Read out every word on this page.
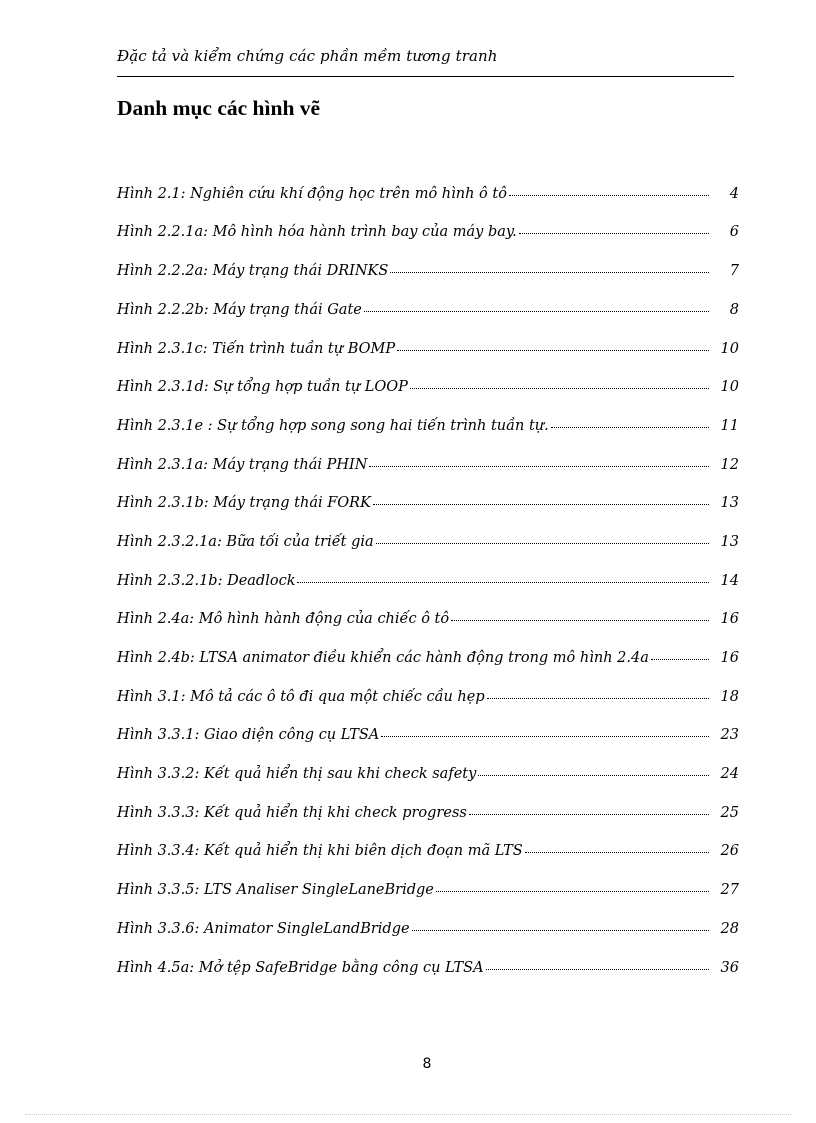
Đặc tả và kiểm chứng các phần mềm tương tranh
Danh mục các hình vẽ
Hình 2.1: Nghiên cứu khí động học trên mô hình ô tô	4
Hình 2.2.1a: Mô hình hóa hành trình bay của máy bay.	6
Hình 2.2.2a: Máy trạng thái DRINKS	7
Hình 2.2.2b: Máy trạng thái Gate	8
Hình 2.3.1c: Tiến trình tuần tự BOMP	10
Hình 2.3.1d: Sự tổng hợp tuần tự LOOP	10
Hình 2.3.1e : Sự tổng hợp song song hai tiến trình tuần tự.	11
Hình 2.3.1a: Máy trạng thái PHIN	12
Hình 2.3.1b: Máy trạng thái FORK	13
Hình 2.3.2.1a: Bữa tối của triết gia	13
Hình 2.3.2.1b: Deadlock	14
Hình 2.4a: Mô hình hành động của chiếc ô tô	16
Hình 2.4b: LTSA animator điều khiển các hành động trong mô hình 2.4a	16
Hình 3.1: Mô tả các ô tô đi qua một chiếc cầu hẹp	18
Hình 3.3.1: Giao diện công cụ LTSA	23
Hình 3.3.2: Kết quả hiển thị sau khi check safety	24
Hình 3.3.3: Kết quả hiển thị khi check progress	25
Hình 3.3.4: Kết quả hiển thị khi biên dịch đoạn mã LTS	26
Hình 3.3.5: LTS Analiser SingleLaneBridge	27
Hình 3.3.6: Animator SingleLandBridge	28
Hình 4.5a: Mở tệp SafeBridge bằng công cụ LTSA	36
8
